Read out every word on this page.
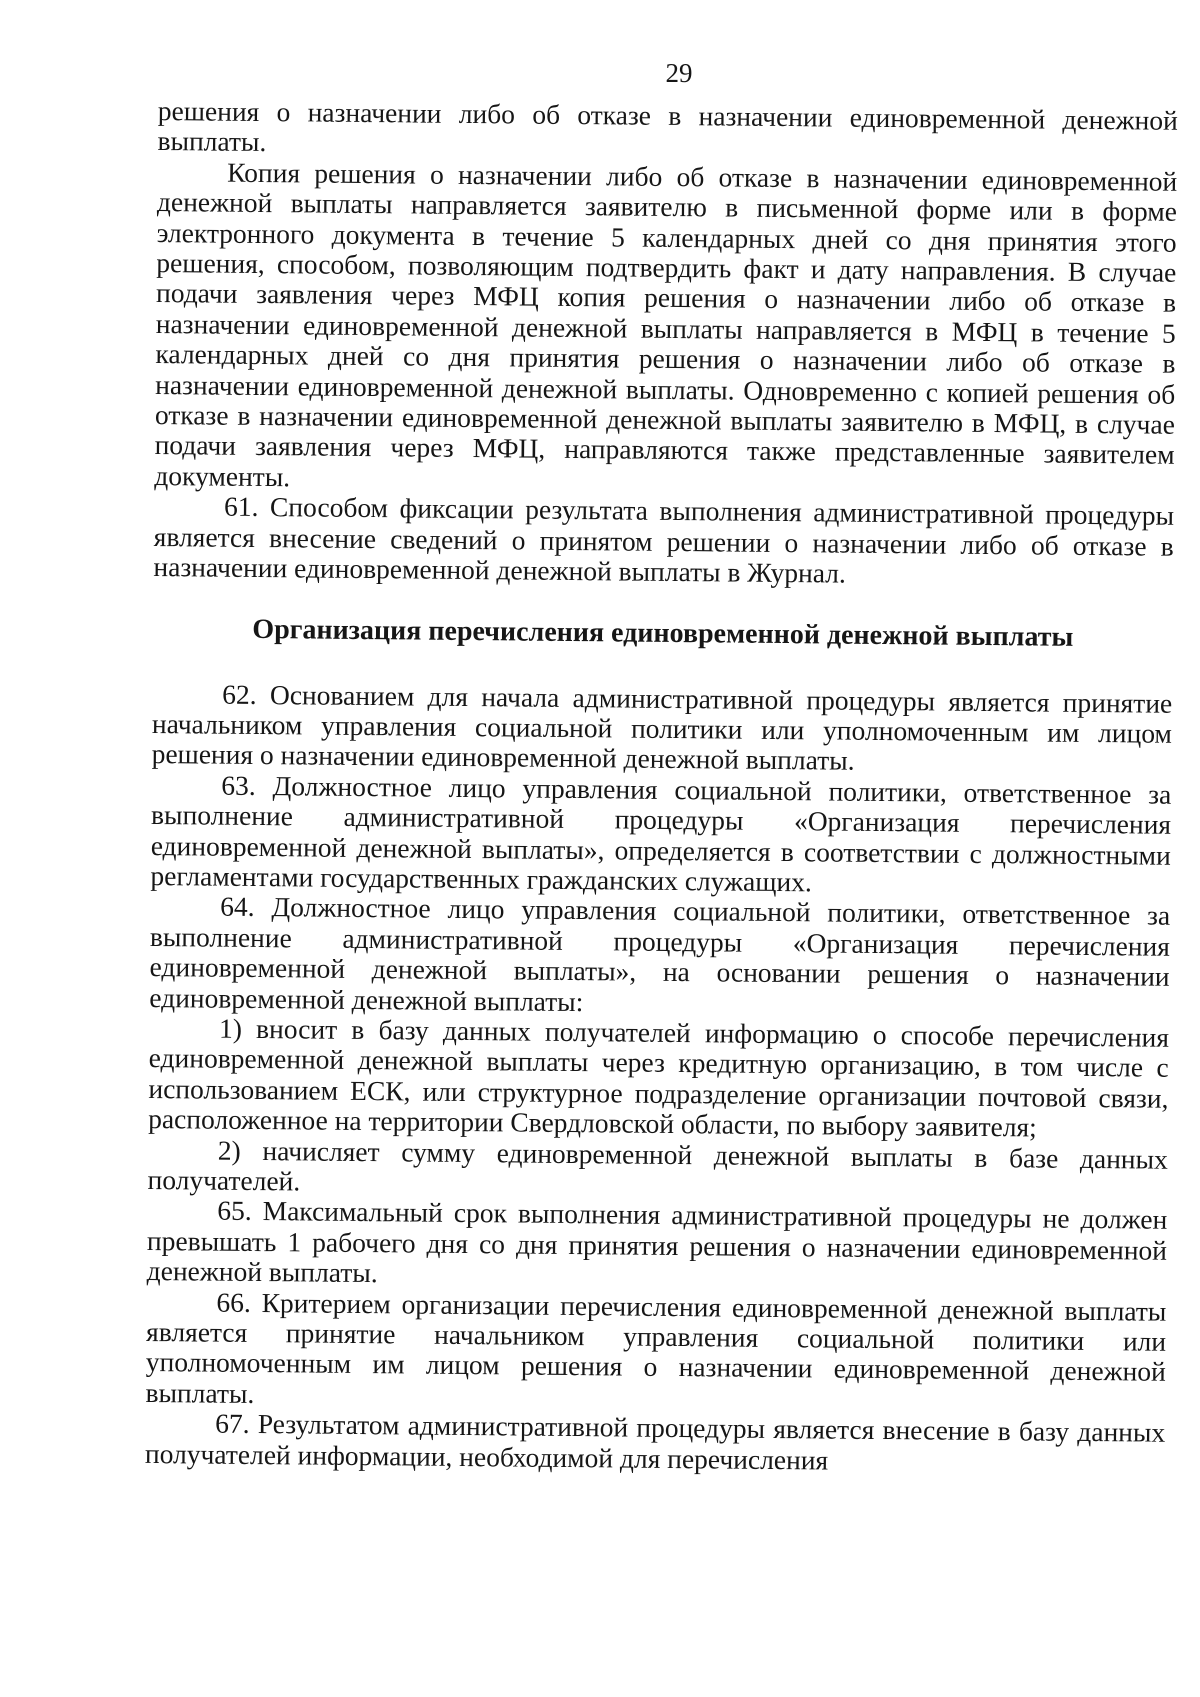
29

решения о назначении либо об отказе в назначении единовременной денежной выплаты.

Копия решения о назначении либо об отказе в назначении единовременной денежной выплаты направляется заявителю в письменной форме или в форме электронного документа в течение 5 календарных дней со дня принятия этого решения, способом, позволяющим подтвердить факт и дату направления. В случае подачи заявления через МФЦ копия решения о назначении либо об отказе в назначении единовременной денежной выплаты направляется в МФЦ в течение 5 календарных дней со дня принятия решения о назначении либо об отказе в назначении единовременной денежной выплаты. Одновременно с копией решения об отказе в назначении единовременной денежной выплаты заявителю в МФЦ, в случае подачи заявления через МФЦ, направляются также представленные заявителем документы.

61. Способом фиксации результата выполнения административной процедуры является внесение сведений о принятом решении о назначении либо об отказе в назначении единовременной денежной выплаты в Журнал.

Организация перечисления единовременной денежной выплаты

62. Основанием для начала административной процедуры является принятие начальником управления социальной политики или уполномоченным им лицом решения о назначении единовременной денежной выплаты.

63. Должностное лицо управления социальной политики, ответственное за выполнение административной процедуры «Организация перечисления единовременной денежной выплаты», определяется в соответствии с должностными регламентами государственных гражданских служащих.

64. Должностное лицо управления социальной политики, ответственное за выполнение административной процедуры «Организация перечисления единовременной денежной выплаты», на основании решения о назначении единовременной денежной выплаты:

1) вносит в базу данных получателей информацию о способе перечисления единовременной денежной выплаты через кредитную организацию, в том числе с использованием ЕСК, или структурное подразделение организации почтовой связи, расположенное на территории Свердловской области, по выбору заявителя;

2) начисляет сумму единовременной денежной выплаты в базе данных получателей.

65. Максимальный срок выполнения административной процедуры не должен превышать 1 рабочего дня со дня принятия решения о назначении единовременной денежной выплаты.

66. Критерием организации перечисления единовременной денежной выплаты является принятие начальником управления социальной политики или уполномоченным им лицом решения о назначении единовременной денежной выплаты.

67. Результатом административной процедуры является внесение в базу данных получателей информации, необходимой для перечисления
